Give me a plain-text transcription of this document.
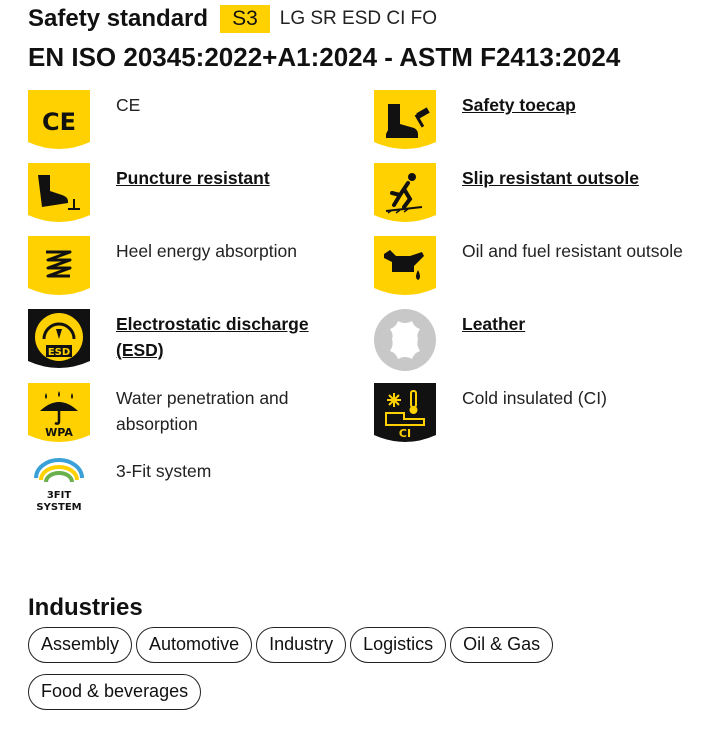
Safety standard	S3	LG SR ESD CI FO
EN ISO 20345:2022+A1:2024 - ASTM F2413:2024
CE
CE	Safety toecap
Puncture resistant	Slip resistant outsole
Heel energy absorption	Oil and fuel resistant outsole
ESD
Electrostatic discharge (ESD)
Leather
WPA
Water penetration and absorption	CI
Cold insulated (CI)
3FIT
SYSTEM
3-Fit system
Industries
Assembly	Automotive	Industry	Logistics	Oil & Gas
Food & beverages
